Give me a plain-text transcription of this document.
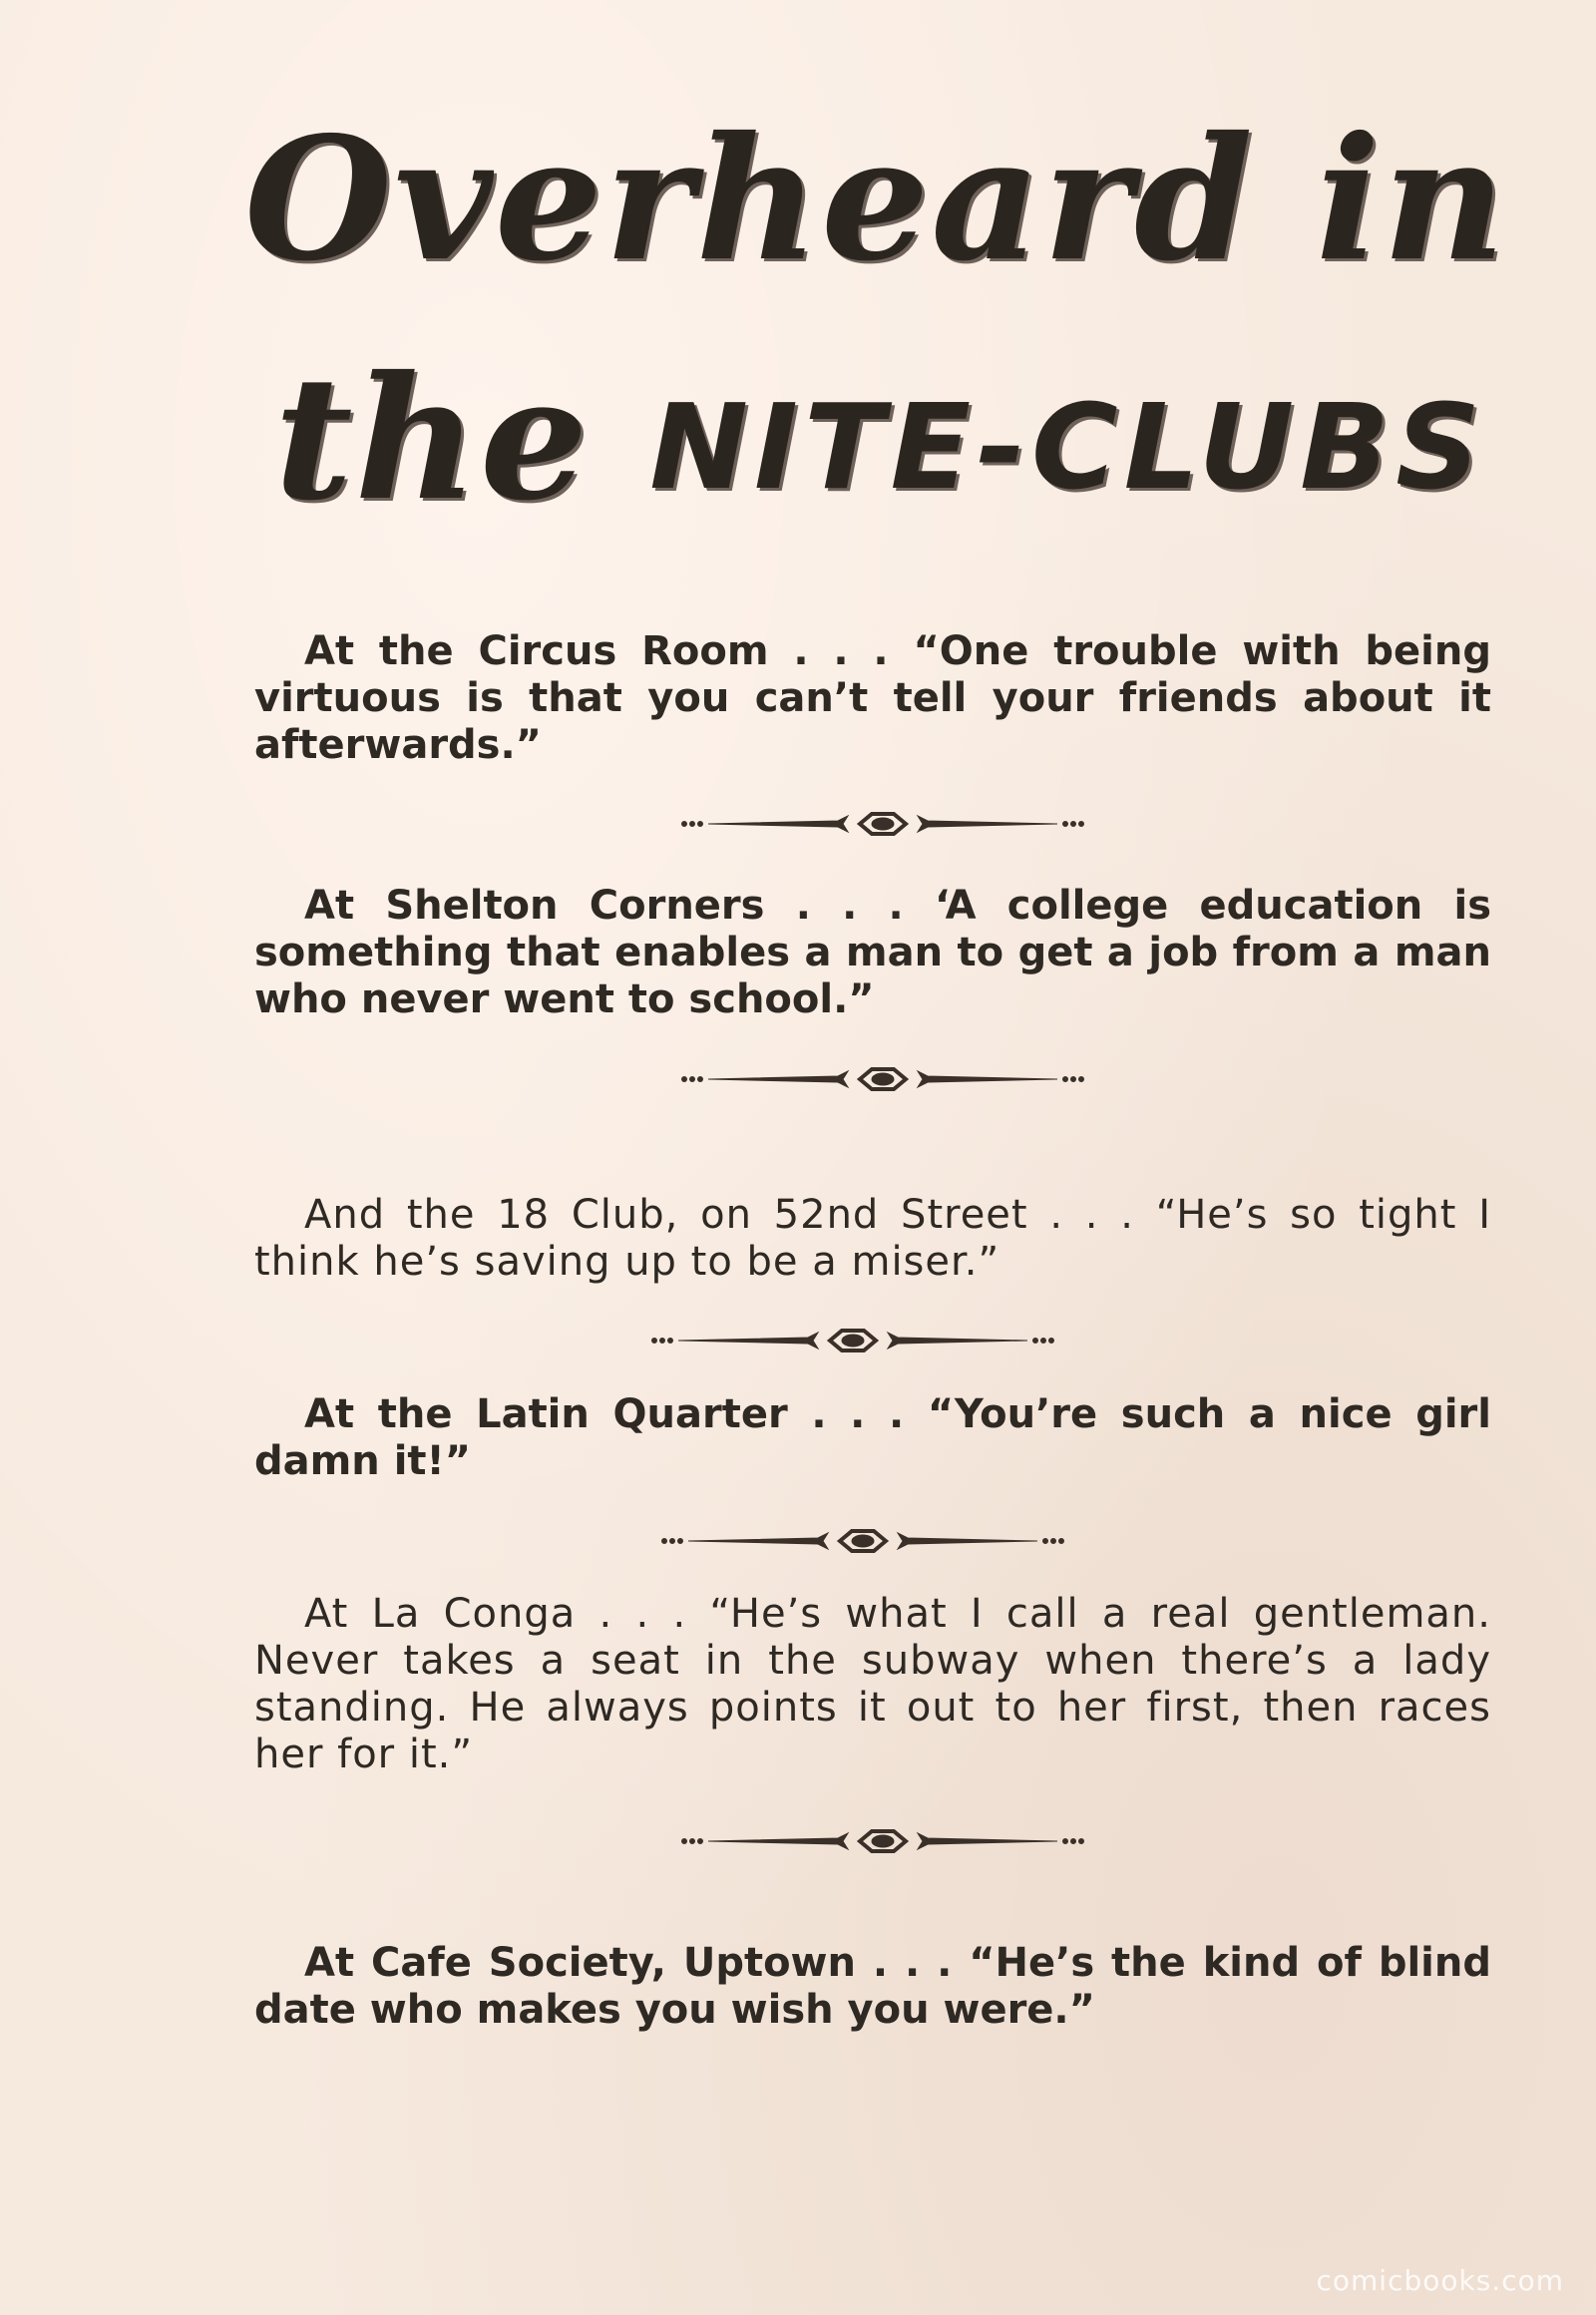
Overheard in
the NITE-CLUBS

At the Circus Room . . . “One trouble with being virtuous is that you can’t tell your friends about it afterwards.”

At Shelton Corners . . . ‘A college education is something that enables a man to get a job from a man who never went to school.”

And the 18 Club, on 52nd Street . . . “He’s so tight I think he’s saving up to be a miser.”

At the Latin Quarter . . . “You’re such a nice girl damn it!”

At La Conga . . . “He’s what I call a real gentleman. Never takes a seat in the subway when there’s a lady standing. He always points it out to her first, then races her for it.”

At Cafe Society, Uptown . . . “He’s the kind of blind date who makes you wish you were.”

comicbooks.com
